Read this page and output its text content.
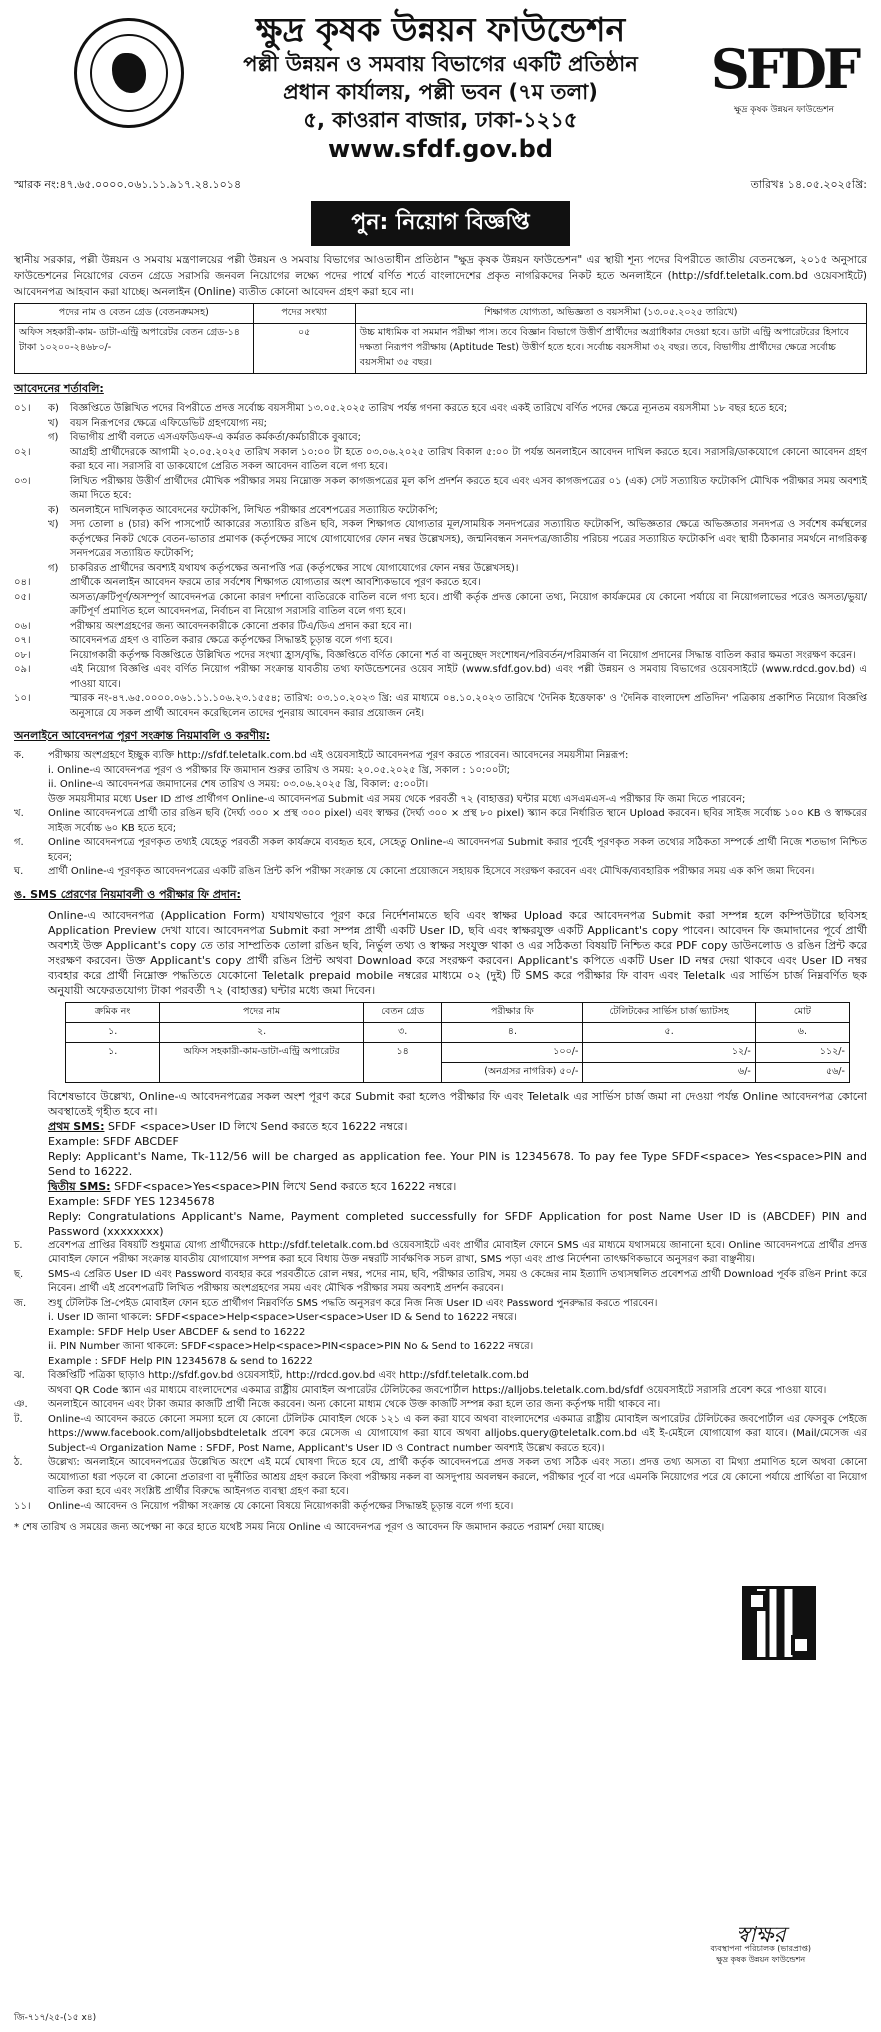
ক্ষুদ্র কৃষক উন্নয়ন ফাউন্ডেশন
পল্লী উন্নয়ন ও সমবায় বিভাগের একটি প্রতিষ্ঠান
প্রধান কার্যালয়, পল্লী ভবন (৭ম তলা)
৫, কাওরান বাজার, ঢাকা-১২১৫
www.sfdf.gov.bd
SFDF
ক্ষুদ্র কৃষক উন্নয়ন ফাউন্ডেশন
স্মারক নং:৪৭.৬৫.০০০০.০৬১.১১.৯১৭.২৪.১০১৪	তারিখঃ ১৪.০৫.২০২৫খ্রি:
পুন: নিয়োগ বিজ্ঞপ্তি
স্থানীয় সরকার, পল্লী উন্নয়ন ও সমবায় মন্ত্রণালয়ের পল্লী উন্নয়ন ও সমবায় বিভাগের আওতাধীন প্রতিষ্ঠান "ক্ষুদ্র কৃষক উন্নয়ন ফাউন্ডেশন" এর স্থায়ী শূন্য পদের বিপরীতে জাতীয় বেতনস্কেল, ২০১৫ অনুসারে ফাউন্ডেশনের নিয়োগের বেতন গ্রেডে সরাসরি জনবল নিয়োগের লক্ষ্যে পদের পার্শ্বে বর্ণিত শর্তে বাংলাদেশের প্রকৃত নাগরিকদের নিকট হতে অনলাইনে (http://sfdf.teletalk.com.bd ওয়েবসাইটে) আবেদনপত্র আহবান করা যাচ্ছে। অনলাইন (Online) ব্যতীত কোনো আবেদন গ্রহণ করা হবে না।
পদের নাম ও বেতন গ্রেড (বেতনক্রমসহ)	পদের সংখ্যা	শিক্ষাগত যোগ্যতা, অভিজ্ঞতা ও বয়সসীমা (১৩.০৫.২০২৫ তারিখে)
অফিস সহকারী-কাম- ডাটা-এন্ট্রি অপারেটর বেতন গ্রেড-১৪ টাকা ১০২০০-২৪৬৮০/-	০৫	উচ্চ মাধ্যমিক বা সমমান পরীক্ষা পাস। তবে বিজ্ঞান বিভাগে উত্তীর্ণ প্রার্থীদের অগ্রাধিকার দেওয়া হবে। ডাটা এন্ট্রি অপারেটরের হিসাবে দক্ষতা নিরূপণ পরীক্ষায় (Aptitude Test) উত্তীর্ণ হতে হবে। সর্বোচ্চ বয়সসীমা ৩২ বছর। তবে, বিভাগীয় প্রার্থীদের ক্ষেত্রে সর্বোচ্চ বয়সসীমা ৩৫ বছর।
আবেদনের শর্তাবলি:
০১।	ক)	বিজ্ঞপ্তিতে উল্লিখিত পদের বিপরীতে প্রদত্ত সর্বোচ্চ বয়সসীমা ১৩.০৫.২০২৫ তারিখ পর্যন্ত গণনা করতে হবে এবং একই তারিখে বর্ণিত পদের ক্ষেত্রে ন্যূনতম বয়সসীমা ১৮ বছর হতে হবে;
খ)	বয়স নিরূপণের ক্ষেত্রে এফিডেভিট গ্রহণযোগ্য নয়;
গ)	বিভাগীয় প্রার্থী বলতে এসএফডিএফ-এ কর্মরত কর্মকর্তা/কর্মচারীকে বুঝাবে;
০২।	আগ্রহী প্রার্থীদেরকে আগামী ২০.০৫.২০২৫ তারিখ সকাল ১০:০০ টা হতে ০৩.০৬.২০২৫ তারিখ বিকাল ৫:০০ টা পর্যন্ত অনলাইনে আবেদন দাখিল করতে হবে। সরাসরি/ডাকযোগে কোনো আবেদন গ্রহণ করা হবে না। সরাসরি বা ডাকযোগে প্রেরিত সকল আবেদন বাতিল বলে গণ্য হবে।
০৩।	লিখিত পরীক্ষায় উত্তীর্ণ প্রার্থীদের মৌখিক পরীক্ষার সময় নিম্নোক্ত সকল কাগজপত্রের মূল কপি প্রদর্শন করতে হবে এবং এসব কাগজপত্রের ০১ (এক) সেট সত্যায়িত ফটোকপি মৌখিক পরীক্ষার সময় অবশ্যই জমা দিতে হবে:
ক)	অনলাইনে দাখিলকৃত আবেদনের ফটোকপি, লিখিত পরীক্ষার প্রবেশপত্রের সত্যায়িত ফটোকপি;
খ)	সদ্য তোলা ৪ (চার) কপি পাসপোর্ট আকারের সত্যায়িত রঙিন ছবি, সকল শিক্ষাগত যোগ্যতার মূল/সাময়িক সনদপত্রের সত্যায়িত ফটোকপি, অভিজ্ঞতার ক্ষেত্রে অভিজ্ঞতার সনদপত্র ও সর্বশেষ কর্মস্থলের কর্তৃপক্ষের নিকট থেকে বেতন-ভাতার প্রমাণক (কর্তৃপক্ষের সাথে যোগাযোগের ফোন নম্বর উল্লেখসহ), জন্মনিবন্ধন সনদপত্র/জাতীয় পরিচয় পত্রের সত্যায়িত ফটোকপি এবং স্থায়ী ঠিকানার সমর্থনে নাগরিকত্ব সনদপত্রের সত্যায়িত ফটোকপি;
গ)	চাকরিরত প্রার্থীদের অবশ্যই যথাযথ কর্তৃপক্ষের অনাপত্তি পত্র (কর্তৃপক্ষের সাথে যোগাযোগের ফোন নম্বর উল্লেখসহ)।
০৪।	প্রার্থীকে অনলাইন আবেদন ফরমে তার সর্বশেষ শিক্ষাগত যোগ্যতার অংশ আবশ্যিকভাবে পূরণ করতে হবে।
০৫।	অসত্য/ক্রটিপূর্ণ/অসম্পূর্ণ আবেদনপত্র কোনো কারণ দর্শানো ব্যতিরেকে বাতিল বলে গণ্য হবে। প্রার্থী কর্তৃক প্রদত্ত কোনো তথ্য, নিয়োগ কার্যক্রমের যে কোনো পর্যায়ে বা নিয়োগলাভের পরেও অসত্য/ভুয়া/ক্রটিপূর্ণ প্রমাণিত হলে আবেদনপত্র, নির্বাচন বা নিয়োগ সরাসরি বাতিল বলে গণ্য হবে।
০৬।	পরীক্ষায় অংশগ্রহণের জন্য আবেদনকারীকে কোনো প্রকার টিএ/ডিএ প্রদান করা হবে না।
০৭।	আবেদনপত্র গ্রহণ ও বাতিল করার ক্ষেত্রে কর্তৃপক্ষের সিদ্ধান্তই চূড়ান্ত বলে গণ্য হবে।
০৮।	নিয়োগকারী কর্তৃপক্ষ বিজ্ঞপ্তিতে উল্লিখিত পদের সংখ্যা হ্রাস/বৃদ্ধি, বিজ্ঞপ্তিতে বর্ণিত কোনো শর্ত বা অনুচ্ছেদ সংশোধন/পরিবর্তন/পরিমার্জন বা নিয়োগ প্রদানের সিদ্ধান্ত বাতিল করার ক্ষমতা সংরক্ষণ করেন।
০৯।	এই নিয়োগ বিজ্ঞপ্তি এবং বর্ণিত নিয়োগ পরীক্ষা সংক্রান্ত যাবতীয় তথ্য ফাউন্ডেশনের ওয়েব সাইট (www.sfdf.gov.bd) এবং পল্লী উন্নয়ন ও সমবায় বিভাগের ওয়েবসাইটে (www.rdcd.gov.bd) এ পাওয়া যাবে।
১০।	স্মারক নং-৪৭.৬৫.০০০০.০৬১.১১.১০৬.২৩.১৫৫৪; তারিখ: ০৩.১০.২০২৩ খ্রি: এর মাধ্যমে ০৪.১০.২০২৩ তারিখে 'দৈনিক ইত্তেফাক' ও 'দৈনিক বাংলাদেশ প্রতিদিন' পত্রিকায় প্রকাশিত নিয়োগ বিজ্ঞপ্তি অনুসারে যে সকল প্রার্থী আবেদন করেছিলেন তাদের পুনরায় আবেদন করার প্রয়োজন নেই।
অনলাইনে আবেদনপত্র পূরণ সংক্রান্ত নিয়মাবলি ও করণীয়:
ক.	পরীক্ষায় অংশগ্রহণে ইচ্ছুক ব্যক্তি http://sfdf.teletalk.com.bd এই ওয়েবসাইটে আবেদনপত্র পূরণ করতে পারবেন। আবেদনের সময়সীমা নিম্নরূপ:
i. Online-এ আবেদনপত্র পূরণ ও পরীক্ষার ফি জমাদান শুরুর তারিখ ও সময়: ২০.০৫.২০২৫ খ্রি, সকাল : ১০:০০টা;
ii. Online-এ আবেদনপত্র জমাদানের শেষ তারিখ ও সময়: ০৩.০৬.২০২৫ খ্রি, বিকাল: ৫:০০টা।
উক্ত সময়সীমার মধ্যে User ID প্রাপ্ত প্রার্থীগণ Online-এ আবেদনপত্র Submit এর সময় থেকে পরবর্তী ৭২ (বাহাত্তর) ঘন্টার মধ্যে এসএমএস-এ পরীক্ষার ফি জমা দিতে পারবেন;
খ.	Online আবেদনপত্রে প্রার্থী তার রঙিন ছবি (দৈর্ঘ্য ৩০০ × প্রস্থ ৩০০ pixel) এবং স্বাক্ষর (দৈর্ঘ্য ৩০০ × প্রস্থ ৮০ pixel) স্ক্যান করে নির্ধারিত স্থানে Upload করবেন। ছবির সাইজ সর্বোচ্চ ১০০ KB ও স্বাক্ষরের সাইজ সর্বোচ্চ ৬০ KB হতে হবে;
গ.	Online আবেদনপত্রে পূরণকৃত তথ্যই যেহেতু পরবর্তী সকল কার্যক্রমে ব্যবহৃত হবে, সেহেতু Online-এ আবেদনপত্র Submit করার পূর্বেই পূরণকৃত সকল তথ্যের সঠিকতা সম্পর্কে প্রার্থী নিজে শতভাগ নিশ্চিত হবেন;
ঘ.	প্রার্থী Online-এ পূরণকৃত আবেদনপত্রের একটি রঙিন প্রিন্ট কপি পরীক্ষা সংক্রান্ত যে কোনো প্রয়োজনে সহায়ক হিসেবে সংরক্ষণ করবেন এবং মৌখিক/ব্যবহারিক পরীক্ষার সময় এক কপি জমা দিবেন।
ঙ. SMS প্রেরণের নিয়মাবলী ও পরীক্ষার ফি প্রদান:
Online-এ আবেদনপত্র (Application Form) যথাযথভাবে পূরণ করে নির্দেশনামতে ছবি এবং স্বাক্ষর Upload করে আবেদনপত্র Submit করা সম্পন্ন হলে কম্পিউটারে ছবিসহ Application Preview দেখা যাবে। আবেদনপত্র Submit করা সম্পন্ন প্রার্থী একটি User ID, ছবি এবং স্বাক্ষরযুক্ত একটি Applicant's copy পাবেন। আবেদন ফি জমাদানের পূর্বে প্রার্থী অবশ্যই উক্ত Applicant's copy তে তার সাম্প্রতিক তোলা রঙিন ছবি, নির্ভুল তথ্য ও স্বাক্ষর সংযুক্ত থাকা ও এর সঠিকতা বিষয়টি নিশ্চিত করে PDF copy ডাউনলোড ও রঙিন প্রিন্ট করে সংরক্ষণ করবেন। উক্ত Applicant's copy প্রার্থী রঙিন প্রিন্ট অথবা Download করে সংরক্ষণ করবেন। Applicant's কপিতে একটি User ID নম্বর দেয়া থাকবে এবং User ID নম্বর ব্যবহার করে প্রার্থী নিম্নোক্ত পদ্ধতিতে যেকোনো Teletalk prepaid mobile নম্বরের মাধ্যমে ০২ (দুই) টি SMS করে পরীক্ষার ফি বাবদ এবং Teletalk এর সার্ভিস চার্জ নিম্নবর্ণিত ছক অনুযায়ী অফেরতযোগ্য টাকা পরবর্তী ৭২ (বাহাত্তর) ঘন্টার মধ্যে জমা দিবেন।
ক্রমিক নং	পদের নাম	বেতন গ্রেড	পরীক্ষার ফি	টেলিটকের সার্ভিস চার্জ ভ্যাটসহ	মোট
১.	২.	৩.	৪.	৫.	৬.
১.	অফিস সহকারী-কাম-ডাটা-এন্ট্রি অপারেটর	১৪	১০০/-	১২/-	১১২/-
			(অনগ্রসর নাগরিক) ৫০/-	৬/-	৫৬/-
বিশেষভাবে উল্লেখ্য, Online-এ আবেদনপত্রের সকল অংশ পূরণ করে Submit করা হলেও পরীক্ষার ফি এবং Teletalk এর সার্ভিস চার্জ জমা না দেওয়া পর্যন্ত Online আবেদনপত্র কোনো অবস্থাতেই গৃহীত হবে না।
প্রথম SMS: SFDF <space>User ID লিখে Send করতে হবে 16222 নম্বরে।
Example: SFDF ABCDEF
Reply: Applicant's Name, Tk-112/56 will be charged as application fee. Your PIN is 12345678. To pay fee Type SFDF<space> Yes<space>PIN and Send to 16222.
দ্বিতীয় SMS: SFDF<space>Yes<space>PIN লিখে Send করতে হবে 16222 নম্বরে।
Example: SFDF YES 12345678
Reply: Congratulations Applicant's Name, Payment completed successfully for SFDF Application for post Name User ID is (ABCDEF) PIN and Password (xxxxxxxx)
চ.	প্রবেশপত্র প্রাপ্তির বিষয়টি শুধুমাত্র যোগ্য প্রার্থীদেরকে http://sfdf.teletalk.com.bd ওয়েবসাইটে এবং প্রার্থীর মোবাইল ফোনে SMS এর মাধ্যমে যথাসময়ে জানানো হবে। Online আবেদনপত্রে প্রার্থীর প্রদত্ত মোবাইল ফোনে পরীক্ষা সংক্রান্ত যাবতীয় যোগাযোগ সম্পন্ন করা হবে বিধায় উক্ত নম্বরটি সার্বক্ষণিক সচল রাখা, SMS পড়া এবং প্রাপ্ত নির্দেশনা তাৎক্ষণিকভাবে অনুসরণ করা বাঞ্ছনীয়।
ছ.	SMS-এ প্রেরিত User ID এবং Password ব্যবহার করে পরবর্তীতে রোল নম্বর, পদের নাম, ছবি, পরীক্ষার তারিখ, সময় ও কেন্দ্রের নাম ইত্যাদি তথ্যসম্বলিত প্রবেশপত্র প্রার্থী Download পূর্বক রঙিন Print করে নিবেন। প্রার্থী এই প্রবেশপত্রটি লিখিত পরীক্ষায় অংশগ্রহণের সময় এবং মৌখিক পরীক্ষার সময় অবশ্যই প্রদর্শন করবেন।
জ.	শুধু টেলিটক প্রি-পেইড মোবাইল ফোন হতে প্রার্থীগণ নিম্নবর্ণিত SMS পদ্ধতি অনুসরণ করে নিজ নিজ User ID এবং Password পুনরুদ্ধার করতে পারবেন।
i. User ID জানা থাকলে: SFDF<space>Help<space>User<space>User ID & Send to 16222 নম্বরে।
Example: SFDF Help User ABCDEF & send to 16222
ii. PIN Number জানা থাকলে: SFDF<space>Help<space>PIN<space>PIN No & Send to 16222 নম্বরে।
Example : SFDF Help PIN 12345678 & send to 16222
ঝ.	বিজ্ঞপ্তিটি পত্রিকা ছাড়াও http://sfdf.gov.bd ওয়েবসাইট, http://rdcd.gov.bd এবং http://sfdf.teletalk.com.bd
অথবা QR Code স্ক্যান এর মাধ্যমে বাংলাদেশের একমাত্র রাষ্ট্রীয় মোবাইল অপারেটর টেলিটকের জবপোর্টাল https://alljobs.teletalk.com.bd/sfdf ওয়েবসাইটে সরাসরি প্রবেশ করে পাওয়া যাবে।
ঞ.	অনলাইনে আবেদন এবং টাকা জমার কাজটি প্রার্থী নিজে করবেন। অন্য কোনো মাধ্যম থেকে উক্ত কাজটি সম্পন্ন করা হলে তার জন্য কর্তৃপক্ষ দায়ী থাকবে না।
ট.	Online-এ আবেদন করতে কোনো সমস্যা হলে যে কোনো টেলিটক মোবাইল থেকে ১২১ এ কল করা যাবে অথবা বাংলাদেশের একমাত্র রাষ্ট্রীয় মোবাইল অপারেটর টেলিটকের জবপোর্টাল এর ফেসবুক পেইজে https://www.facebook.com/alljobsbdteletalk প্রবেশ করে মেসেজ এ যোগাযোগ করা যাবে অথবা alljobs.query@teletalk.com.bd এই ই-মেইলে যোগাযোগ করা যাবে। (Mail/মেসেজ এর Subject-এ Organization Name : SFDF, Post Name, Applicant's User ID ও Contract number অবশ্যই উল্লেখ করতে হবে)।
ঠ.	উল্লেখ্য: অনলাইনে আবেদনপত্রের উল্লেখিত অংশে এই মর্মে ঘোষণা দিতে হবে যে, প্রার্থী কর্তৃক আবেদনপত্রে প্রদত্ত সকল তথ্য সঠিক এবং সত্য। প্রদত্ত তথ্য অসত্য বা মিথ্যা প্রমাণিত হলে অথবা কোনো অযোগ্যতা ধরা পড়লে বা কোনো প্রতারণা বা দুর্নীতির আশ্রয় গ্রহণ করলে কিংবা পরীক্ষায় নকল বা অসদুপায় অবলম্বন করলে, পরীক্ষার পূর্বে বা পরে এমনকি নিয়োগের পরে যে কোনো পর্যায়ে প্রার্থিতা বা নিয়োগ বাতিল করা হবে এবং সংশ্লিষ্ট প্রার্থীর বিরুদ্ধে আইনগত ব্যবস্থা গ্রহণ করা হবে।
১১।	Online-এ আবেদন ও নিয়োগ পরীক্ষা সংক্রান্ত যে কোনো বিষয়ে নিয়োগকারী কর্তৃপক্ষের সিদ্ধান্তই চূড়ান্ত বলে গণ্য হবে।
* শেষ তারিখ ও সময়ের জন্য অপেক্ষা না করে হাতে যথেষ্ট সময় নিয়ে Online এ আবেদনপত্র পূরণ ও আবেদন ফি জমাদান করতে পরামর্শ দেয়া যাচ্ছে।
স্বাক্ষর
ব্যবস্থাপনা পরিচালক (ভারপ্রাপ্ত)
ক্ষুদ্র কৃষক উন্নয়ন ফাউন্ডেশন
জি-৭১৭/২৫-(১৫ x৪)
